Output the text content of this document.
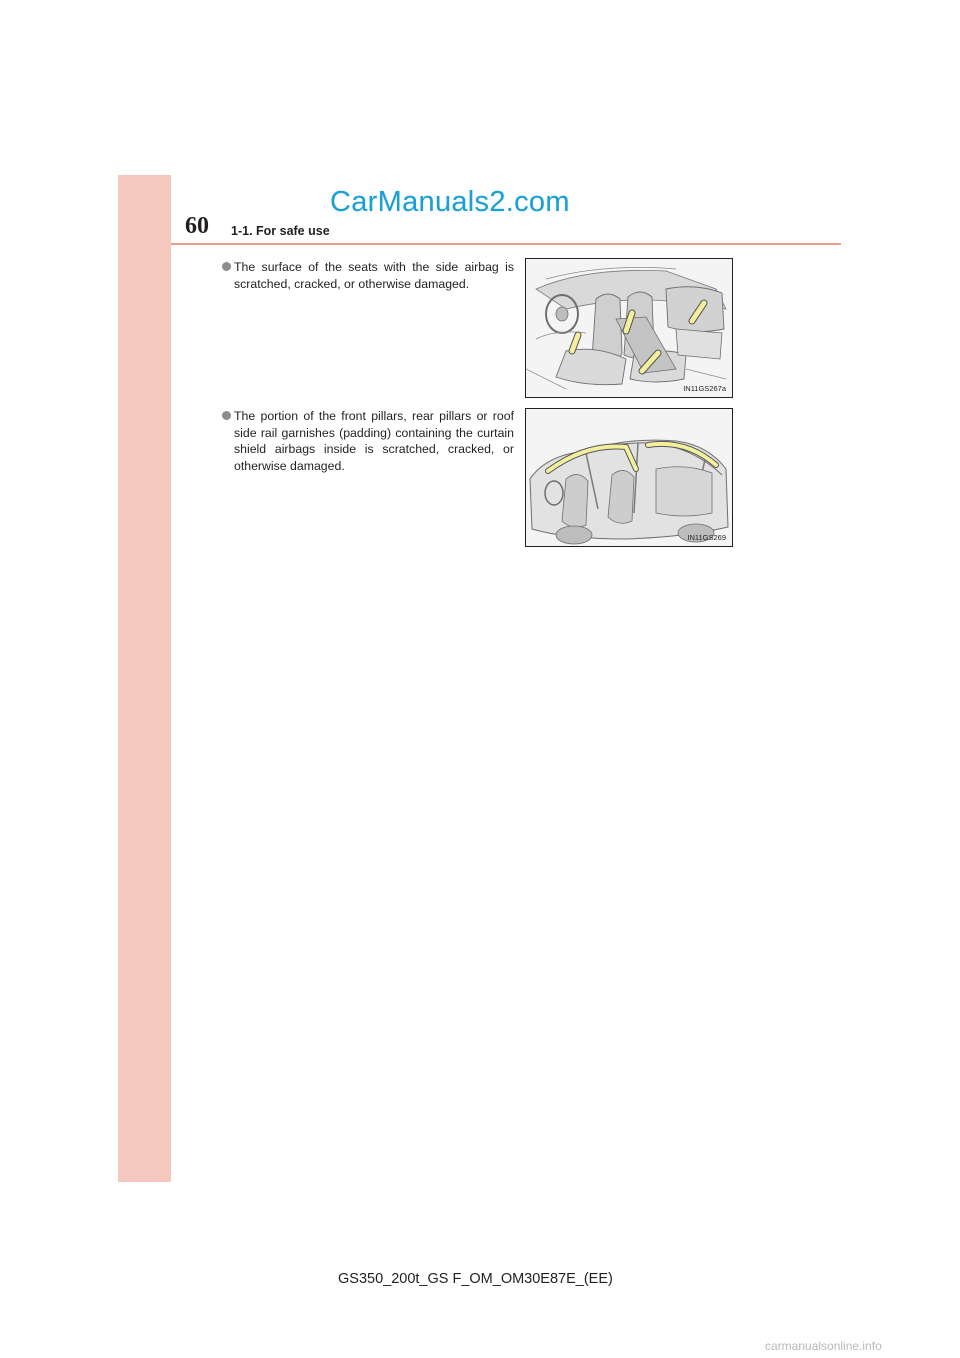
60 1-1. For safe use
CarManuals2.com
The surface of the seats with the side airbag is scratched, cracked, or otherwise damaged.
IN11GS267a
The portion of the front pillars, rear pillars or roof side rail garnishes (padding) containing the curtain shield airbags inside is scratched, cracked, or otherwise damaged.
IN11GS269
GS350_200t_GS F_OM_OM30E87E_(EE)
carmanualsonline.info
